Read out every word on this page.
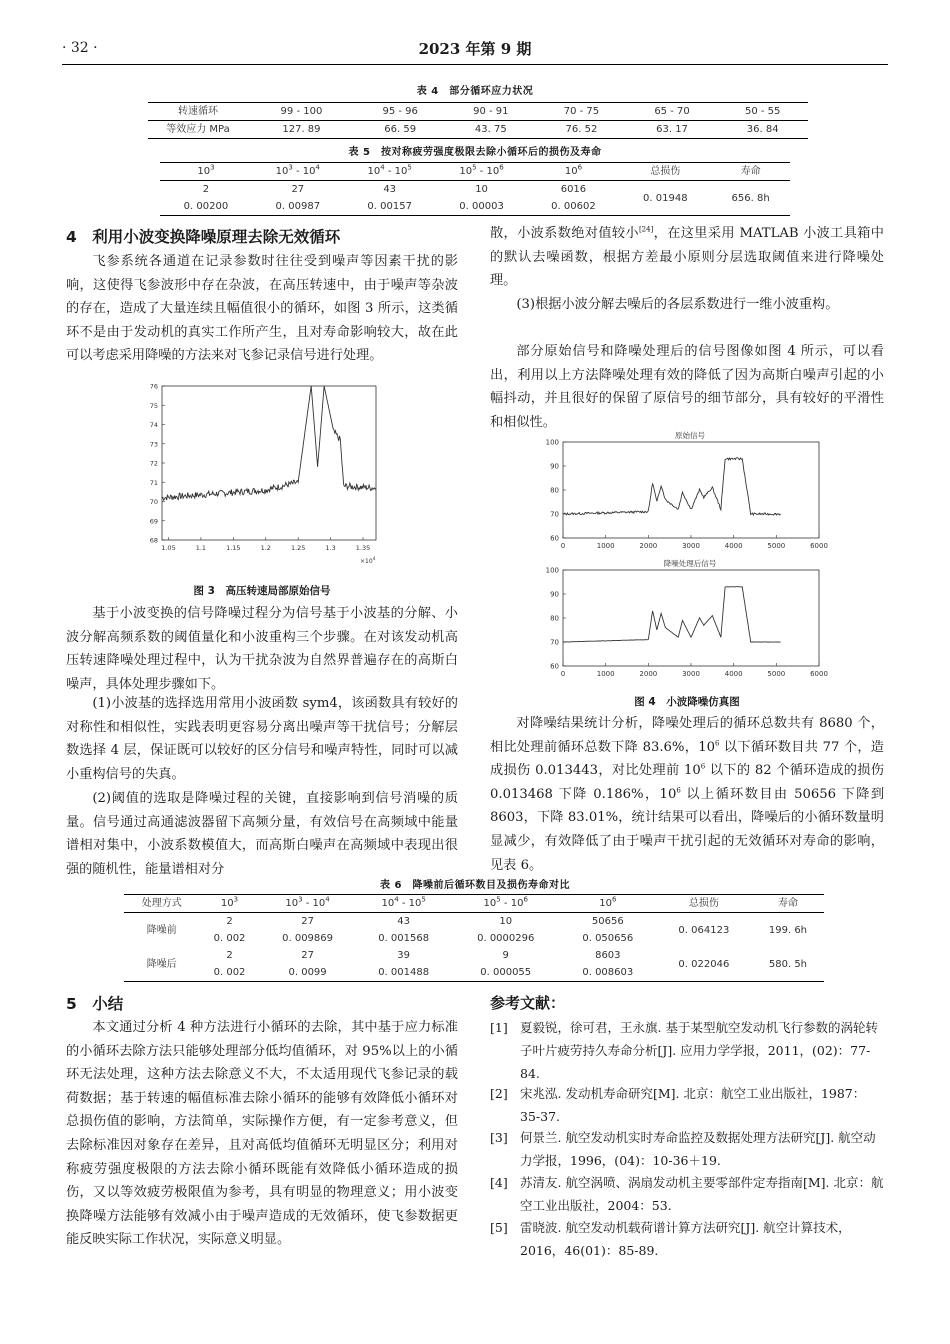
· 32 ·	2023 年第 9 期
表 4　部分循环应力状况
转速循环	99 - 100	95 - 96	90 - 91	70 - 75	65 - 70	50 - 55
等效应力 MPa	127. 89	66. 59	43. 75	76. 52	63. 17	36. 84
表 5　按对称疲劳强度极限去除小循环后的损伤及寿命
$10^3$	$10^3 - 10^4$	$10^4 - 10^5$	$10^5 - 10^6$	$10^6$	总损伤	寿命
2	27	43	10	6016	0. 01948	656. 8h
0. 00200	0. 00987	0. 00157	0. 00003	0. 00602		
4　利用小波变换降噪原理去除无效循环

飞参系统各通道在记录参数时往往受到噪声等因素干扰的影响，这使得飞参波形中存在杂波，在高压转速中，由于噪声等杂波的存在，造成了大量连续且幅值很小的循环，如图 3 所示，这类循环不是由于发动机的真实工作所产生，且对寿命影响较大，故在此可以考虑采用降噪的方法来对飞参记录信号进行处理。

76
75
74
73
72
71
70
69
68
1.05	1.1	1.15	1.2	1.25	1.3	1.35
$\times 10^4$
图 3　高压转速局部原始信号

基于小波变换的信号降噪过程分为信号基于小波基的分解、小波分解高频系数的阈值量化和小波重构三个步骤。在对该发动机高压转速降噪处理过程中，认为干扰杂波为自然界普遍存在的高斯白噪声，具体处理步骤如下。

(1)小波基的选择选用常用小波函数 sym4，该函数具有较好的对称性和相似性，实践表明更容易分离出噪声等干扰信号；分解层数选择 4 层，保证既可以较好的区分信号和噪声特性，同时可以减小重构信号的失真。

(2)阈值的选取是降噪过程的关键，直接影响到信号消噪的质量。信号通过高通滤波器留下高频分量，有效信号在高频域中能量谱相对集中，小波系数模值大，而高斯白噪声在高频域中表现出很强的随机性，能量谱相对分

散，小波系数绝对值较小[24]，在这里采用 MATLAB 小波工具箱中的默认去噪函数，根据方差最小原则分层选取阈值来进行降噪处理。

(3)根据小波分解去噪后的各层系数进行一维小波重构。

部分原始信号和降噪处理后的信号图像如图 4 所示，可以看出，利用以上方法降噪处理有效的降低了因为高斯白噪声引起的小幅抖动，并且很好的保留了原信号的细节部分，具有较好的平滑性和相似性。

原始信号
100
90
80
70
60
0	1000	2000	3000	4000	5000	6000
降噪处理后信号
100
90
80
70
60
0	1000	2000	3000	4000	5000	6000
图 4　小波降噪仿真图

对降噪结果统计分析，降噪处理后的循环总数共有 8680 个，相比处理前循环总数下降 83.6%，$10^6$ 以下循环数目共 77 个，造成损伤 0.013443，对比处理前 $10^6$ 以下的 82 个循环造成的损伤 0.013468 下降 0.186%，$10^6$ 以上循环数目由 50656 下降到 8603，下降 83.01%，统计结果可以看出，降噪后的小循环数量明显减少，有效降低了由于噪声干扰引起的无效循环对寿命的影响，见表 6。

表 6　降噪前后循环数目及损伤寿命对比
处理方式	$10^3$	$10^3 - 10^4$	$10^4 - 10^5$	$10^5 - 10^6$	$10^6$	总损伤	寿命
降噪前	2	27	43	10	50656	0. 064123	199. 6h
	0. 002	0. 009869	0. 001568	0. 0000296	0. 050656		
降噪后	2	27	39	9	8603	0. 022046	580. 5h
	0. 002	0. 0099	0. 001488	0. 000055	0. 008603		
5　小结

本文通过分析 4 种方法进行小循环的去除，其中基于应力标准的小循环去除方法只能够处理部分低均值循环，对 95%以上的小循环无法处理，这种方法去除意义不大，不太适用现代飞参记录的载荷数据；基于转速的幅值标准去除小循环的能够有效降低小循环对总损伤值的影响，方法简单，实际操作方便，有一定参考意义，但去除标准因对象存在差异，且对高低均值循环无明显区分；利用对称疲劳强度极限的方法去除小循环既能有效降低小循环造成的损伤，又以等效疲劳极限值为参考，具有明显的物理意义；用小波变换降噪方法能够有效减小由于噪声造成的无效循环，使飞参数据更能反映实际工作状况，实际意义明显。

参考文献：
[1] 夏毅锐，徐可君，王永旗. 基于某型航空发动机飞行参数的涡轮转子叶片疲劳持久寿命分析[J]. 应用力学学报，2011，(02)：77-84.
[2] 宋兆泓. 发动机寿命研究[M]. 北京：航空工业出版社，1987：35-37.
[3] 何景兰. 航空发动机实时寿命监控及数据处理方法研究[J]. 航空动力学报，1996，(04)：10-36＋19.
[4] 苏清友. 航空涡喷、涡扇发动机主要零部件定寿指南[M]. 北京：航空工业出版社，2004：53.
[5] 雷晓波. 航空发动机载荷谱计算方法研究[J]. 航空计算技术，2016，46(01)：85-89.
